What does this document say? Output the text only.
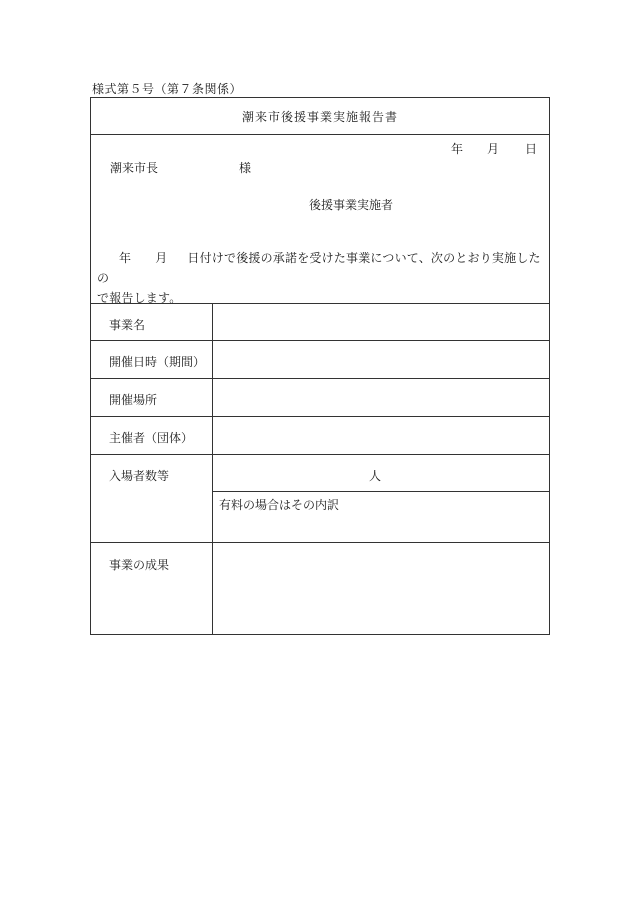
様式第５号（第７条関係）
潮来市後援事業実施報告書
年 月 日
潮来市長	様
後援事業実施者
年 月 日付けで後援の承諾を受けた事業について、次のとおり実施したの
で報告します。
事業名
開催日時（期間）
開催場所
主催者（団体）
入場者数等	人
有料の場合はその内訳
事業の成果
